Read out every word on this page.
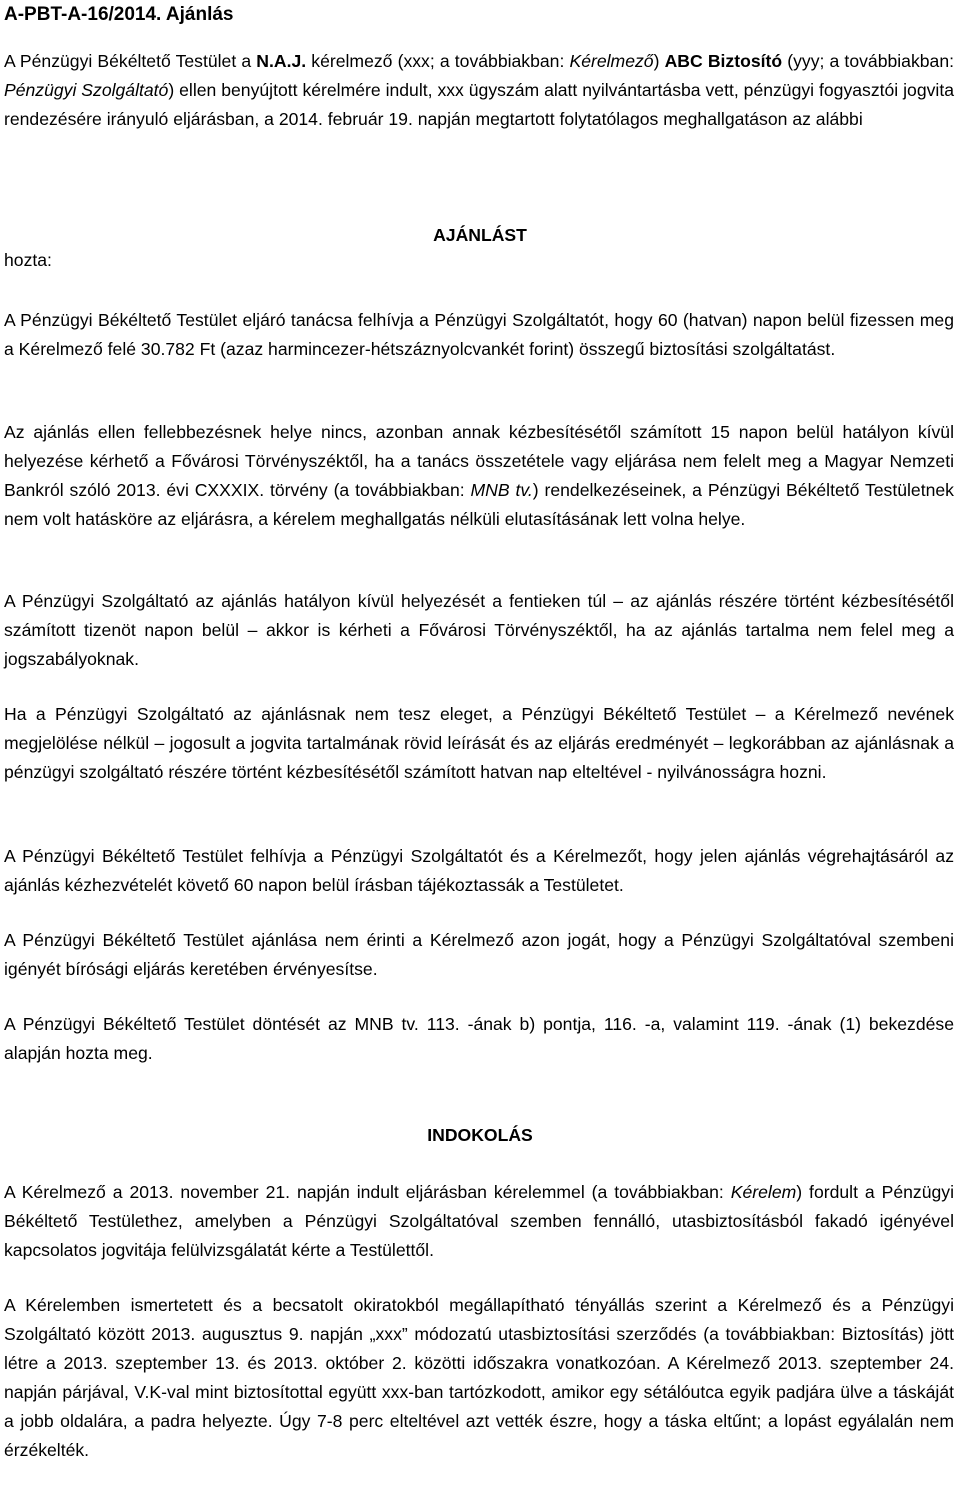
A-PBT-A-16/2014. Ajánlás

A Pénzügyi Békéltető Testület a N.A.J. kérelmező (xxx; a továbbiakban: Kérelmező) ABC Biztosító (yyy; a továbbiakban: Pénzügyi Szolgáltató) ellen benyújtott kérelmére indult, xxx ügyszám alatt nyilvántartásba vett, pénzügyi fogyasztói jogvita rendezésére irányuló eljárásban, a 2014. február 19. napján megtartott folytatólagos meghallgatáson az alábbi

AJÁNLÁST

hozta:

A Pénzügyi Békéltető Testület eljáró tanácsa felhívja a Pénzügyi Szolgáltatót, hogy 60 (hatvan) napon belül fizessen meg a Kérelmező felé 30.782 Ft (azaz harmincezer-hétszáznyolcvankét forint) összegű biztosítási szolgáltatást.

Az ajánlás ellen fellebbezésnek helye nincs, azonban annak kézbesítésétől számított 15 napon belül hatályon kívül helyezése kérhető a Fővárosi Törvényszéktől, ha a tanács összetétele vagy eljárása nem felelt meg a Magyar Nemzeti Bankról szóló 2013. évi CXXXIX. törvény (a továbbiakban: MNB tv.) rendelkezéseinek, a Pénzügyi Békéltető Testületnek nem volt hatásköre az eljárásra, a kérelem meghallgatás nélküli elutasításának lett volna helye.

A Pénzügyi Szolgáltató az ajánlás hatályon kívül helyezését a fentieken túl – az ajánlás részére történt kézbesítésétől számított tizenöt napon belül – akkor is kérheti a Fővárosi Törvényszéktől, ha az ajánlás tartalma nem felel meg a jogszabályoknak.

Ha a Pénzügyi Szolgáltató az ajánlásnak nem tesz eleget, a Pénzügyi Békéltető Testület – a Kérelmező nevének megjelölése nélkül – jogosult a jogvita tartalmának rövid leírását és az eljárás eredményét – legkorábban az ajánlásnak a pénzügyi szolgáltató részére történt kézbesítésétől számított hatvan nap elteltével - nyilvánosságra hozni.

A Pénzügyi Békéltető Testület felhívja a Pénzügyi Szolgáltatót és a Kérelmezőt, hogy jelen ajánlás végrehajtásáról az ajánlás kézhezvételét követő 60 napon belül írásban tájékoztassák a Testületet.

A Pénzügyi Békéltető Testület ajánlása nem érinti a Kérelmező azon jogát, hogy a Pénzügyi Szolgáltatóval szembeni igényét bírósági eljárás keretében érvényesítse.

A Pénzügyi Békéltető Testület döntését az MNB tv. 113. -ának b) pontja, 116. -a, valamint 119. -ának (1) bekezdése alapján hozta meg.

INDOKOLÁS

A Kérelmező a 2013. november 21. napján indult eljárásban kérelemmel (a továbbiakban: Kérelem) fordult a Pénzügyi Békéltető Testülethez, amelyben a Pénzügyi Szolgáltatóval szemben fennálló, utasbiztosításból fakadó igényével kapcsolatos jogvitája felülvizsgálatát kérte a Testülettől.

A Kérelemben ismertetett és a becsatolt okiratokból megállapítható tényállás szerint a Kérelmező és a Pénzügyi Szolgáltató között 2013. augusztus 9. napján „xxx” módozatú utasbiztosítási szerződés (a továbbiakban: Biztosítás) jött létre a 2013. szeptember 13. és 2013. október 2. közötti időszakra vonatkozóan. A Kérelmező 2013. szeptember 24. napján párjával, V.K-val mint biztosítottal együtt xxx-ban tartózkodott, amikor egy sétálóutca egyik padjára ülve a táskáját a jobb oldalára, a padra helyezte. Úgy 7-8 perc elteltével azt vették észre, hogy a táska eltűnt; a lopást egyálalán nem érzékelték.
